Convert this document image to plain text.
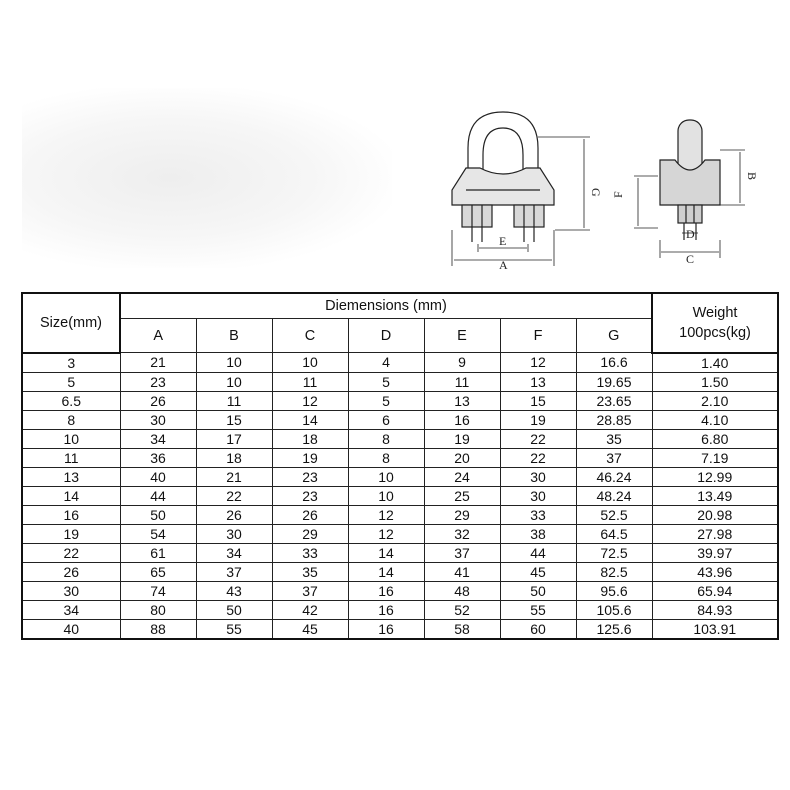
G
E
A
B
F
D
C
Size(mm)	Diemensions (mm)							Weight
100pcs(kg)

	A	B	C	D	E	F	G	
3	21	10	10	4	9	12	16.6	1.40
5	23	10	11	5	11	13	19.65	1.50
6.5	26	11	12	5	13	15	23.65	2.10
8	30	15	14	6	16	19	28.85	4.10
10	34	17	18	8	19	22	35	6.80
11	36	18	19	8	20	22	37	7.19
13	40	21	23	10	24	30	46.24	12.99
14	44	22	23	10	25	30	48.24	13.49
16	50	26	26	12	29	33	52.5	20.98
19	54	30	29	12	32	38	64.5	27.98
22	61	34	33	14	37	44	72.5	39.97
26	65	37	35	14	41	45	82.5	43.96
30	74	43	37	16	48	50	95.6	65.94
34	80	50	42	16	52	55	105.6	84.93
40	88	55	45	16	58	60	125.6	103.91
